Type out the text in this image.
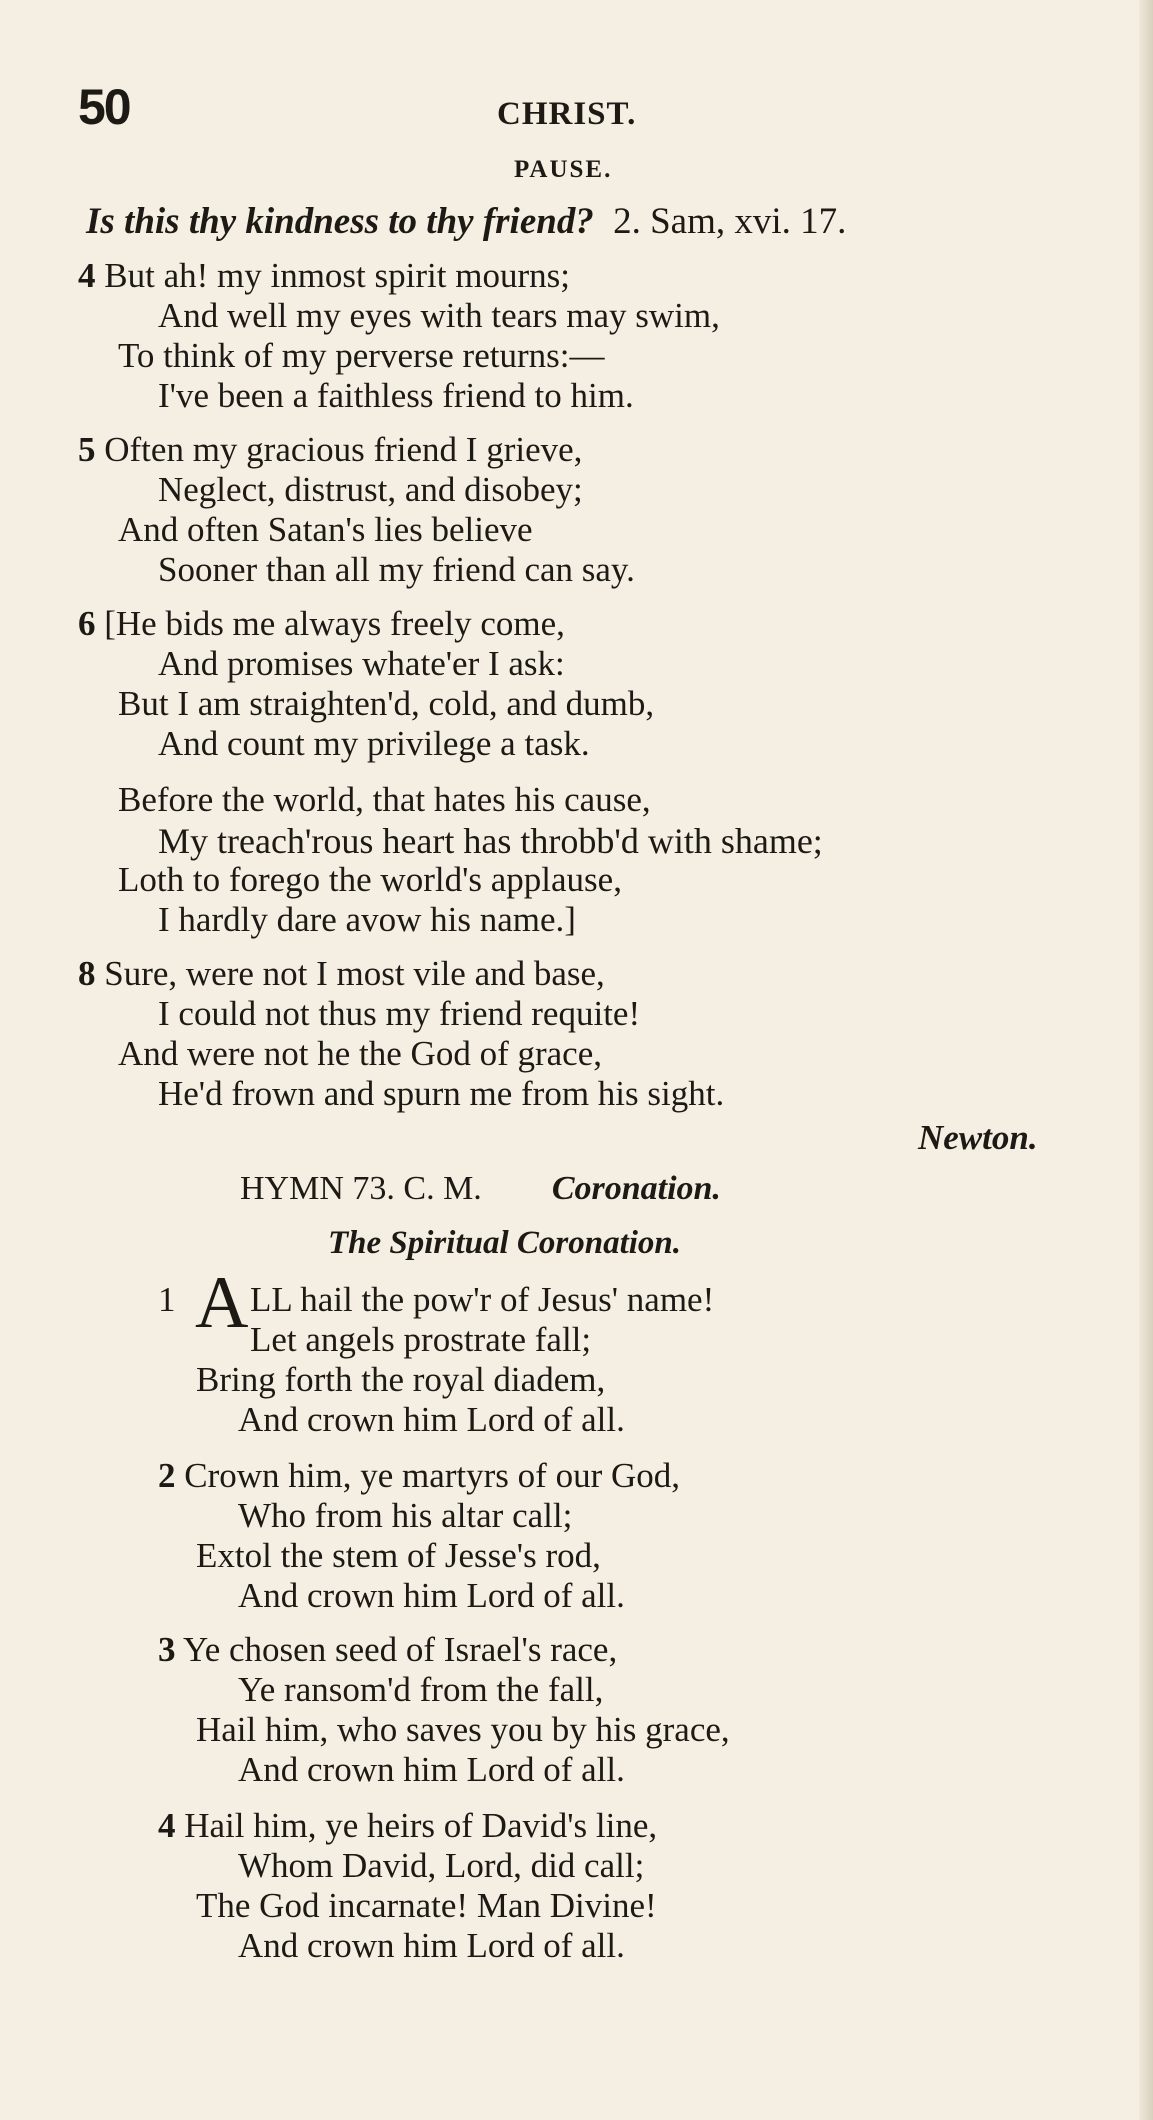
50	CHRIST.
PAUSE.
Is this thy kindness to thy friend? 2. Sam, xvi. 17.
4 But ah! my inmost spirit mourns;
And well my eyes with tears may swim,
To think of my perverse returns:—
I've been a faithless friend to him.
5 Often my gracious friend I grieve,
Neglect, distrust, and disobey;
And often Satan's lies believe
Sooner than all my friend can say.
6 [He bids me always freely come,
And promises whate'er I ask:
But I am straighten'd, cold, and dumb,
And count my privilege a task.
Before the world, that hates his cause,
My treach'rous heart has throbb'd with shame;
Loth to forego the world's applause,
I hardly dare avow his name.]
8 Sure, were not I most vile and base,
I could not thus my friend requite!
And were not he the God of grace,
He'd frown and spurn me from his sight.
Newton.
HYMN 73. C. M. Coronation.
The Spiritual Coronation.
1 A LL hail the pow'r of Jesus' name!
Let angels prostrate fall;
Bring forth the royal diadem,
And crown him Lord of all.
2 Crown him, ye martyrs of our God,
Who from his altar call;
Extol the stem of Jesse's rod,
And crown him Lord of all.
3 Ye chosen seed of Israel's race,
Ye ransom'd from the fall,
Hail him, who saves you by his grace,
And crown him Lord of all.
4 Hail him, ye heirs of David's line,
Whom David, Lord, did call;
The God incarnate! Man Divine!
And crown him Lord of all.
